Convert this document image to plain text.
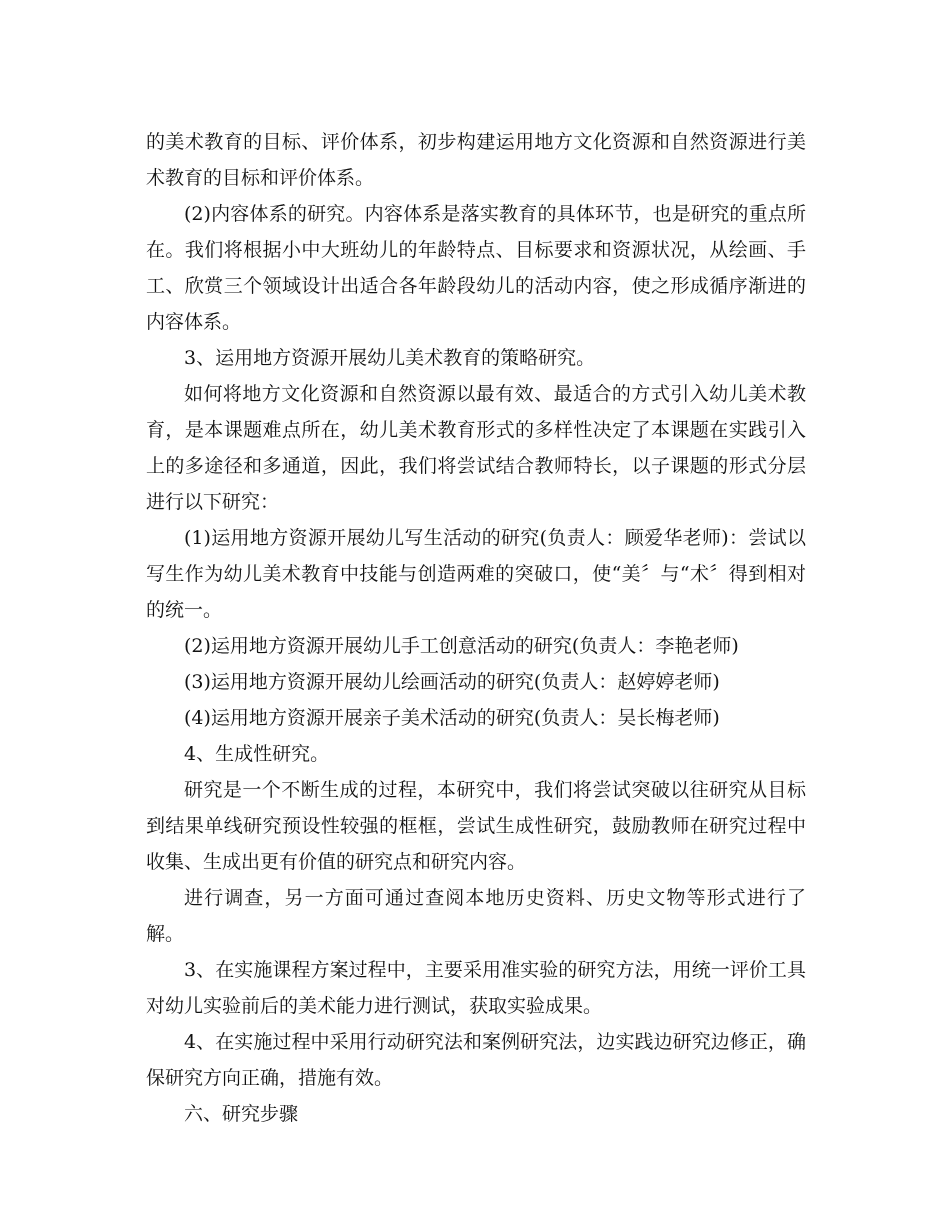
的美术教育的目标、评价体系，初步构建运用地方文化资源和自然资源进行美术教育的目标和评价体系。

(2)内容体系的研究。内容体系是落实教育的具体环节，也是研究的重点所在。我们将根据小中大班幼儿的年龄特点、目标要求和资源状况，从绘画、手工、欣赏三个领域设计出适合各年龄段幼儿的活动内容，使之形成循序渐进的内容体系。

3、运用地方资源开展幼儿美术教育的策略研究。

如何将地方文化资源和自然资源以最有效、最适合的方式引入幼儿美术教育，是本课题难点所在，幼儿美术教育形式的多样性决定了本课题在实践引入上的多途径和多通道，因此，我们将尝试结合教师特长，以子课题的形式分层进行以下研究：

(1)运用地方资源开展幼儿写生活动的研究(负责人：顾爱华老师)：尝试以写生作为幼儿美术教育中技能与创造两难的突破口，使“美〞与“术〞得到相对的统一。

(2)运用地方资源开展幼儿手工创意活动的研究(负责人：李艳老师)

(3)运用地方资源开展幼儿绘画活动的研究(负责人：赵婷婷老师)

(4)运用地方资源开展亲子美术活动的研究(负责人：吴长梅老师)

4、生成性研究。

研究是一个不断生成的过程，本研究中，我们将尝试突破以往研究从目标到结果单线研究预设性较强的框框，尝试生成性研究，鼓励教师在研究过程中收集、生成出更有价值的研究点和研究内容。

进行调查，另一方面可通过查阅本地历史资料、历史文物等形式进行了解。

3、在实施课程方案过程中，主要采用准实验的研究方法，用统一评价工具对幼儿实验前后的美术能力进行测试，获取实验成果。

4、在实施过程中采用行动研究法和案例研究法，边实践边研究边修正，确保研究方向正确，措施有效。

六、研究步骤
